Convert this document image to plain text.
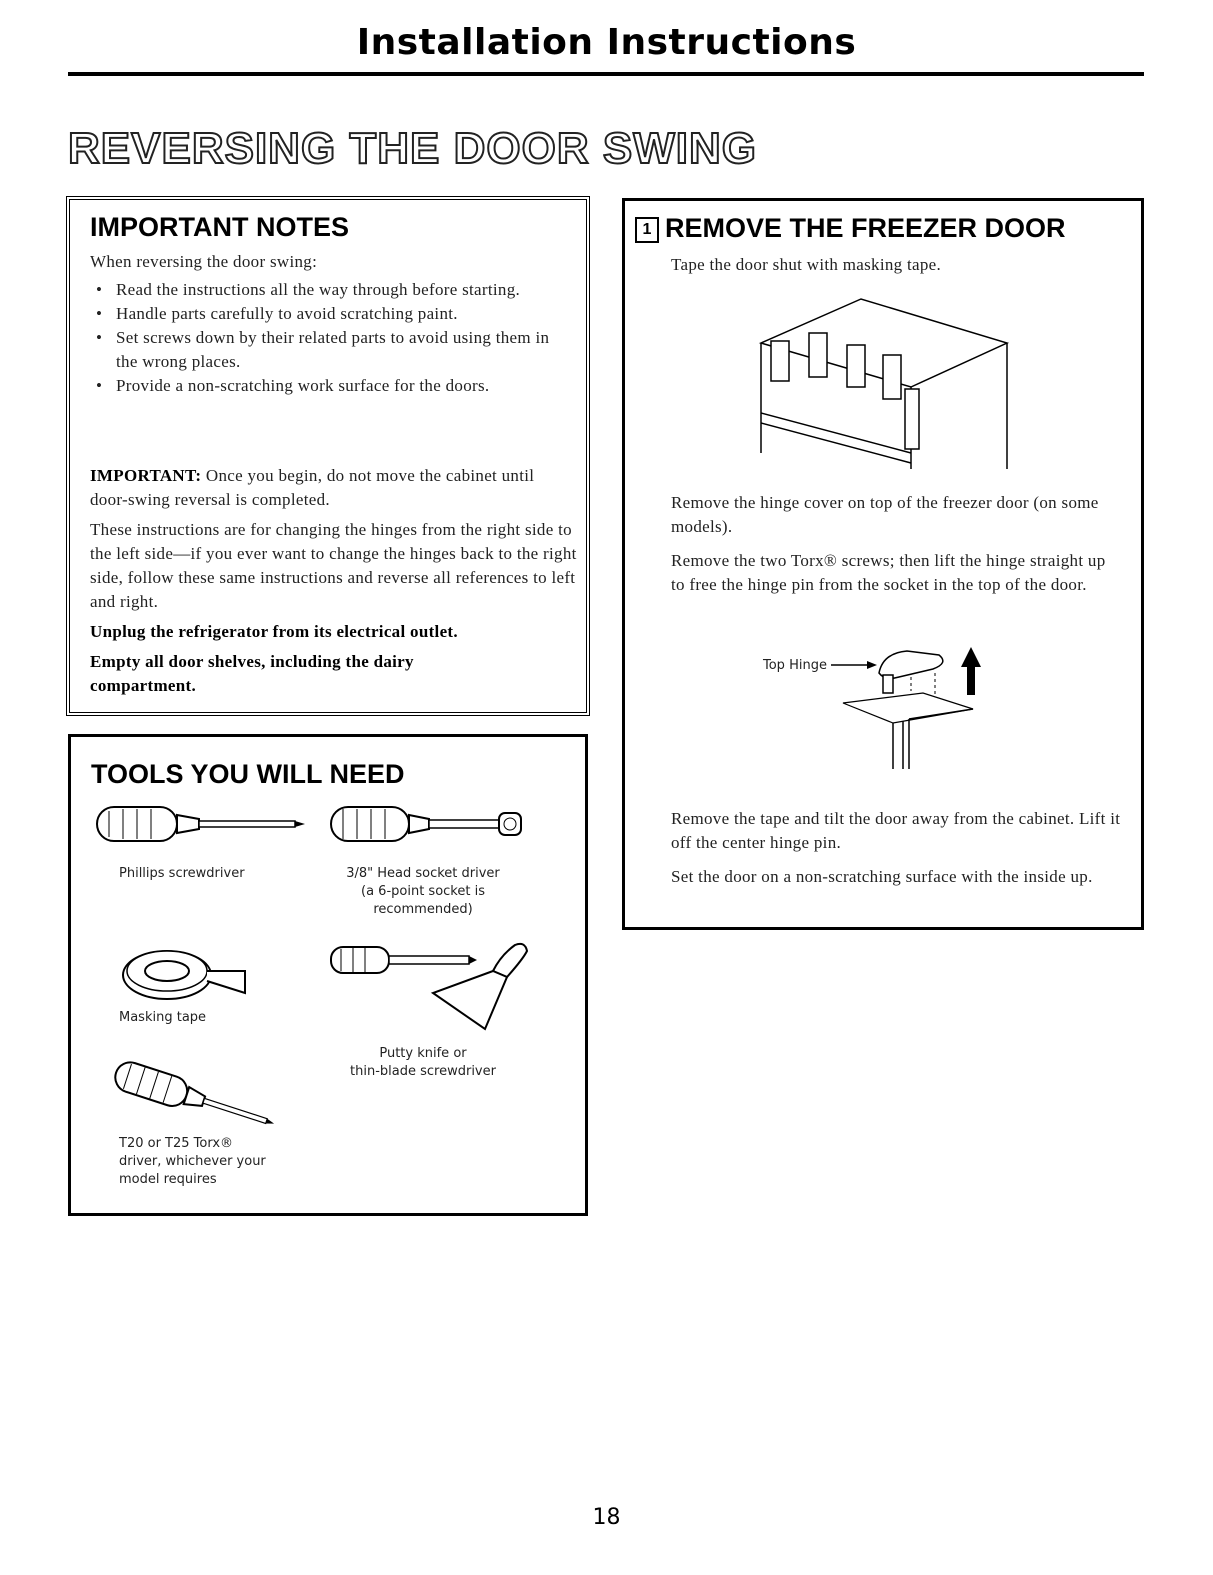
Installation Instructions
REVERSING THE DOOR SWING
IMPORTANT NOTES
When reversing the door swing:
• Read the instructions all the way through before starting.
• Handle parts carefully to avoid scratching paint.
• Set screws down by their related parts to avoid using them in the wrong places.
• Provide a non-scratching work surface for the doors.
IMPORTANT: Once you begin, do not move the cabinet until door-swing reversal is completed.
These instructions are for changing the hinges from the right side to the left side—if you ever want to change the hinges back to the right side, follow these same instructions and reverse all references to left and right.
Unplug the refrigerator from its electrical outlet.
Empty all door shelves, including the dairy compartment.
TOOLS YOU WILL NEED
Phillips screwdriver	3/8" Head socket driver
(a 6-point socket is
recommended)
Masking tape
Putty knife or
thin-blade screwdriver
T20 or T25 Torx®
driver, whichever your
model requires
1 REMOVE THE FREEZER DOOR
Tape the door shut with masking tape.
Remove the hinge cover on top of the freezer door (on some models).
Remove the two Torx® screws; then lift the hinge straight up to free the hinge pin from the socket in the top of the door.
Top Hinge
Remove the tape and tilt the door away from the cabinet. Lift it off the center hinge pin.
Set the door on a non-scratching surface with the inside up.
18
